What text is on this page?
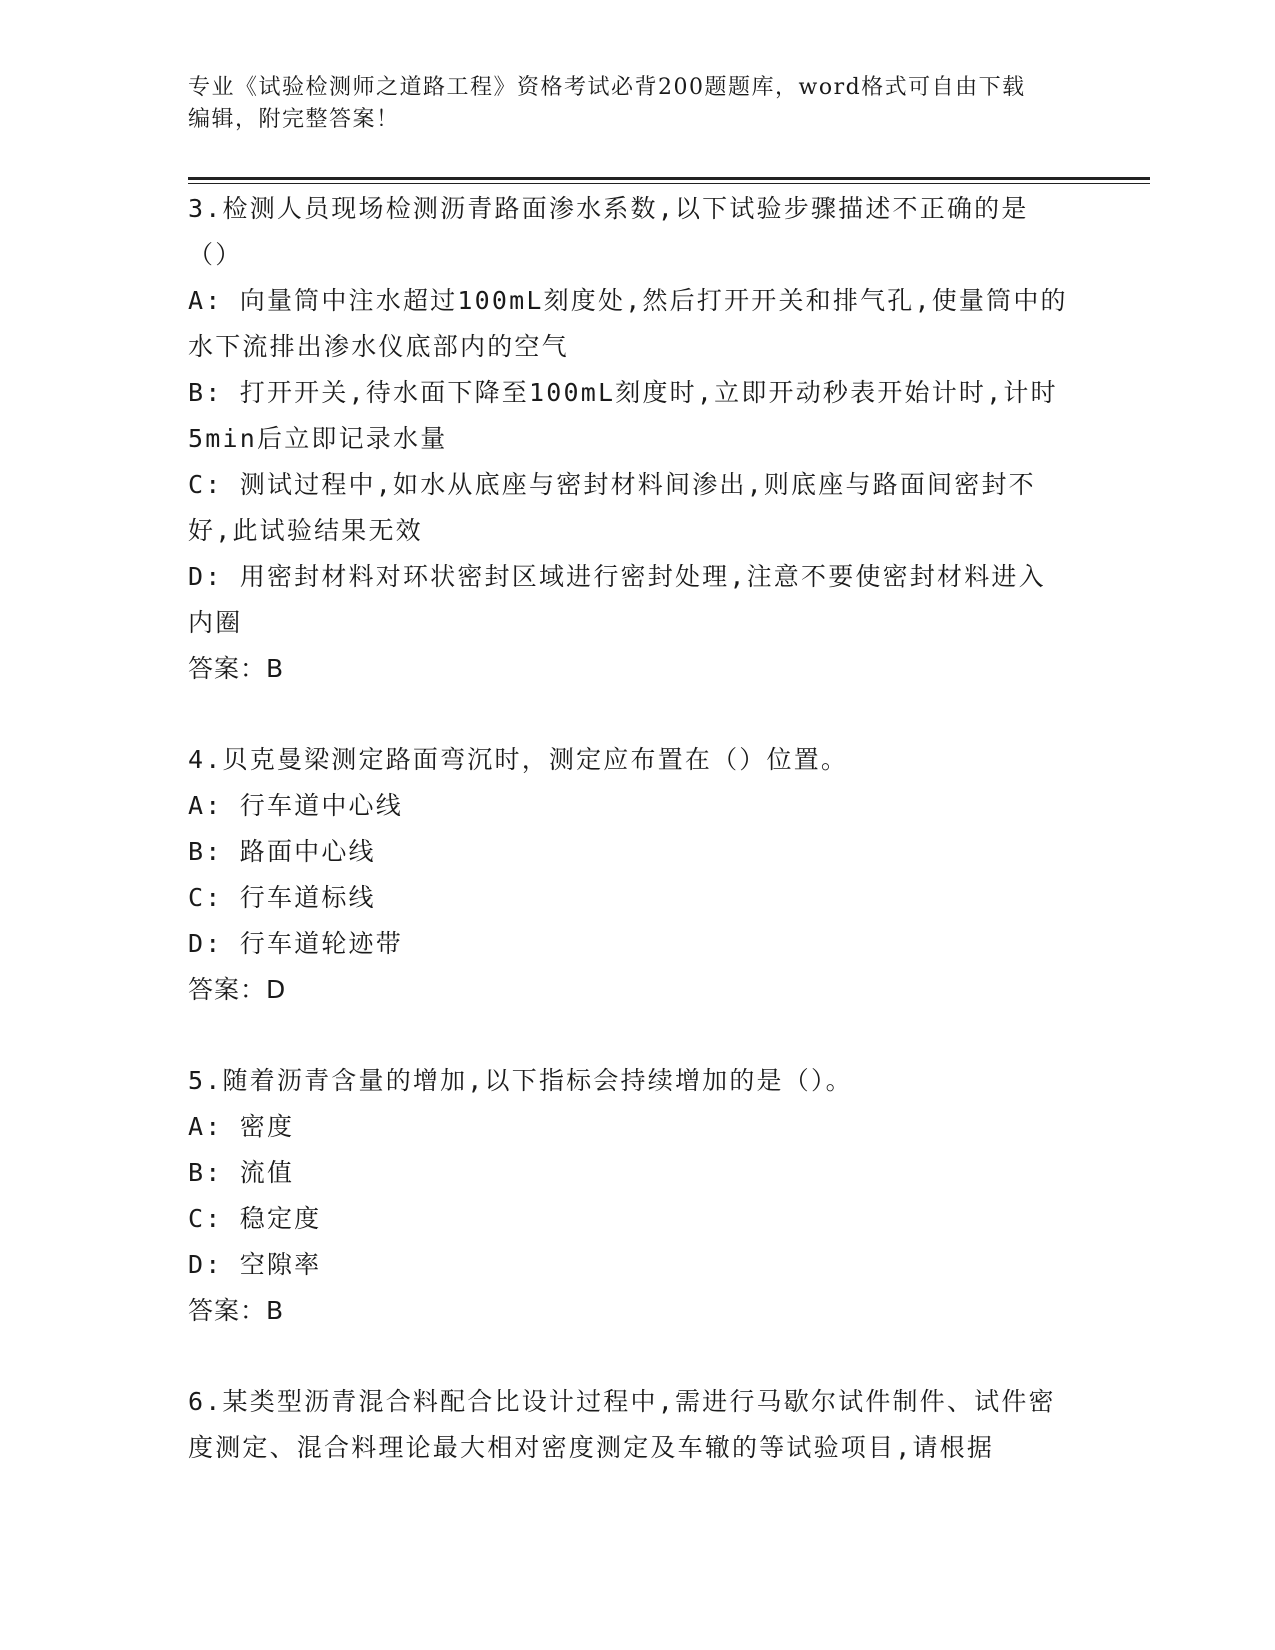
专业《试验检测师之道路工程》资格考试必背200题题库，word格式可自由下载
编辑，附完整答案！

3.检测人员现场检测沥青路面渗水系数,以下试验步骤描述不正确的是（）

A: 向量筒中注水超过100mL刻度处,然后打开开关和排气孔,使量筒中的水下流排出渗水仪底部内的空气

B: 打开开关,待水面下降至100mL刻度时,立即开动秒表开始计时,计时5min后立即记录水量

C: 测试过程中,如水从底座与密封材料间渗出,则底座与路面间密封不好,此试验结果无效

D: 用密封材料对环状密封区域进行密封处理,注意不要使密封材料进入内圈

答案：B

4.贝克曼梁测定路面弯沉时，测定应布置在（）位置。

A: 行车道中心线

B: 路面中心线

C: 行车道标线

D: 行车道轮迹带

答案：D

5.随着沥青含量的增加,以下指标会持续增加的是（）。

A: 密度

B: 流值

C: 稳定度

D: 空隙率

答案：B

6.某类型沥青混合料配合比设计过程中,需进行马歇尔试件制件、试件密度测定、混合料理论最大相对密度测定及车辙的等试验项目,请根据
